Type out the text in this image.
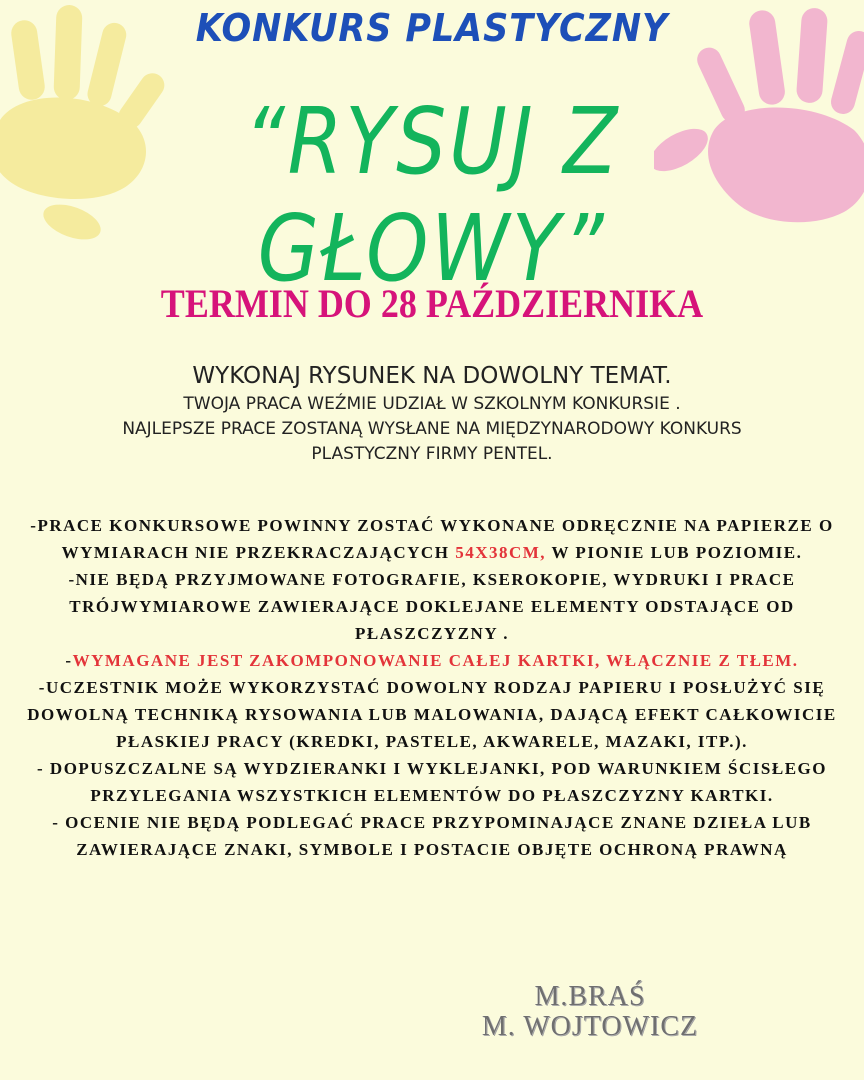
KONKURS PLASTYCZNY
“RYSUJ Z GŁOWY”
TERMIN DO 28 PAŹDZIERNIKA
WYKONAJ RYSUNEK NA DOWOLNY TEMAT.
TWOJA PRACA WEŹMIE UDZIAŁ W SZKOLNYM KONKURSIE .
NAJLEPSZE PRACE ZOSTANĄ WYSŁANE NA MIĘDZYNARODOWY KONKURS
PLASTYCZNY FIRMY PENTEL.
-PRACE KONKURSOWE POWINNY ZOSTAĆ WYKONANE ODRĘCZNIE NA PAPIERZE O WYMIARACH NIE PRZEKRACZAJĄCYCH 54X38CM, W PIONIE LUB POZIOMIE.
-NIE BĘDĄ PRZYJMOWANE FOTOGRAFIE, KSEROKOPIE, WYDRUKI I PRACE TRÓJWYMIAROWE ZAWIERAJĄCE DOKLEJANE ELEMENTY ODSTAJĄCE OD PŁASZCZYZNY .
-WYMAGANE JEST ZAKOMPONOWANIE CAŁEJ KARTKI, WŁĄCZNIE Z TŁEM.
-UCZESTNIK MOŻE WYKORZYSTAĆ DOWOLNY RODZAJ PAPIERU I POSŁUŻYĆ SIĘ DOWOLNĄ TECHNIKĄ RYSOWANIA LUB MALOWANIA, DAJĄCĄ EFEKT CAŁKOWICIE PŁASKIEJ PRACY (KREDKI, PASTELE, AKWARELE, MAZAKI, ITP.).
- DOPUSZCZALNE SĄ WYDZIERANKI I WYKLEJANKI, POD WARUNKIEM ŚCISŁEGO PRZYLEGANIA WSZYSTKICH ELEMENTÓW DO PŁASZCZYZNY KARTKI.
- OCENIE NIE BĘDĄ PODLEGAĆ PRACE PRZYPOMINAJĄCE ZNANE DZIEŁA LUB ZAWIERAJĄCE ZNAKI, SYMBOLE I POSTACIE OBJĘTE OCHRONĄ PRAWNĄ
M.BRAŚ
M. WOJTOWICZ
